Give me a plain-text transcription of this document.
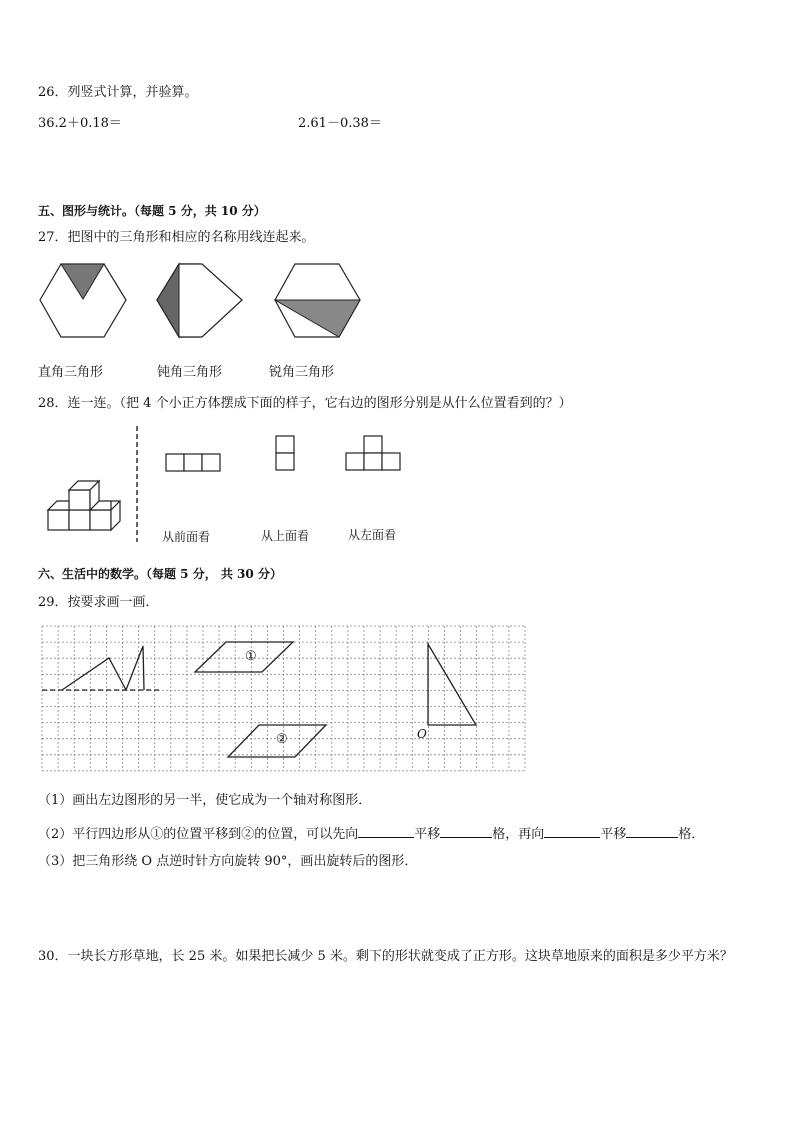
26．列竖式计算，并验算。
36.2＋0.18＝	2.61－0.38＝
五、图形与统计。（每题 5 分，共 10 分）
27．把图中的三角形和相应的名称用线连起来。
直角三角形	钝角三角形	锐角三角形
28．连一连。（把 4 个小正方体摆成下面的样子，它右边的图形分别是从什么位置看到的？）
从前面看	从上面看	从左面看
六、生活中的数学。（每题 5 分， 共 30 分）
29．按要求画一画．
①
②	O
（1）画出左边图形的另一半，使它成为一个轴对称图形．
（2）平行四边形从①的位置平移到②的位置，可以先向	平移	格，再向	平移	格．
（3）把三角形绕 O 点逆时针方向旋转 90°，画出旋转后的图形．
30．一块长方形草地，长 25 米。如果把长减少 5 米。剩下的形状就变成了正方形。这块草地原来的面积是多少平方米？
